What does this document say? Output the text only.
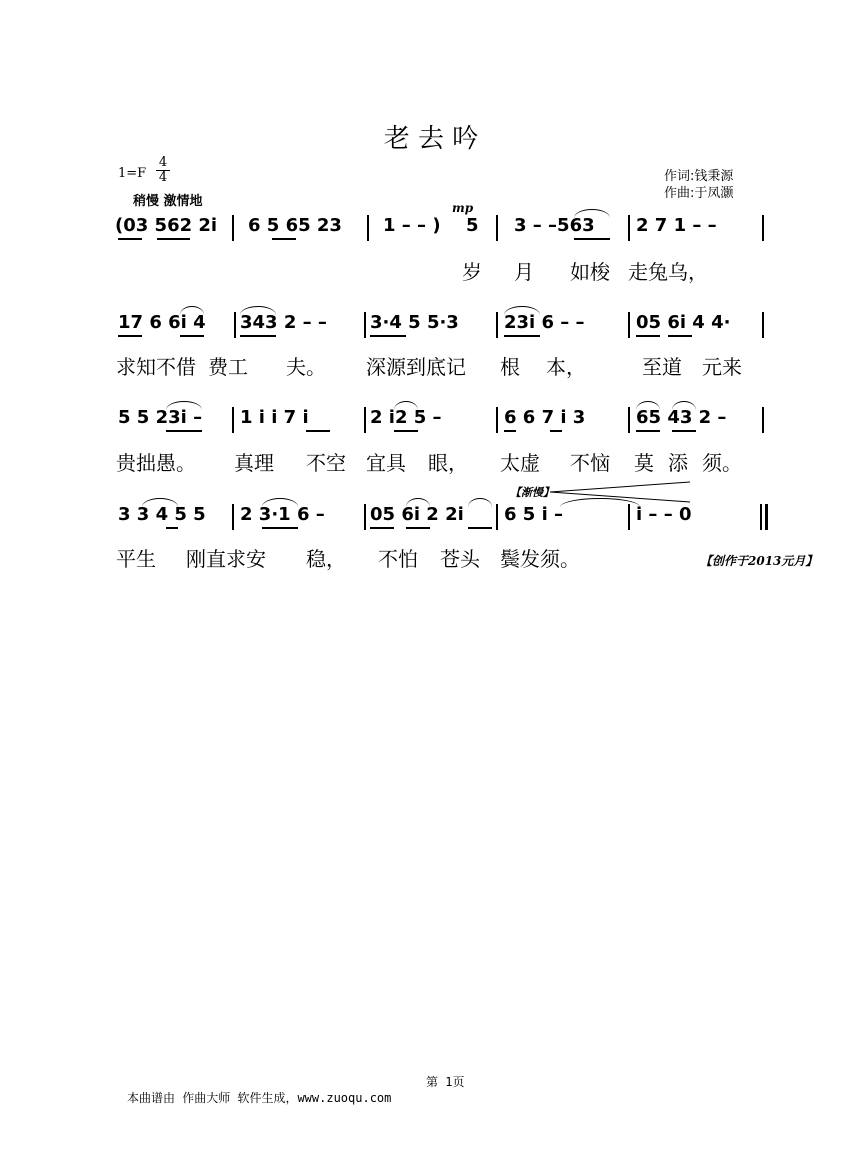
老 去 吟
1=F
4
4
稍慢 激情地
作词:钱秉源
作曲:于凤灏
(03 562 2i 6 5 65 23 1 – – )
mp
5 3 – –563 2 7 1 – –
岁 月 如梭 走兔乌，
17 6 6i 4 343 2 – – 3·4 5 5·3	23i 6 – –	05 6i 4 4·
求知不借 费工 夫。 深源到底记 根 本，	至道 元来
5 5 23i – 1 i i 7 i	2 i2 5 –	6 6 7 i 3	65 43 2 –
贵拙愚。 真理 不空 宜具 眼， 太虚 不恼 莫 添 须。
【渐慢】
3 3 4 5 5 2 3·1 6 –	05 6i 2 2i 6 5 i –	i – – 0
平生 刚直求安 稳， 不怕 苍头 鬓发须。	【创作于2013元月】
第 1页
本曲谱由 作曲大师 软件生成，www.zuoqu.com
